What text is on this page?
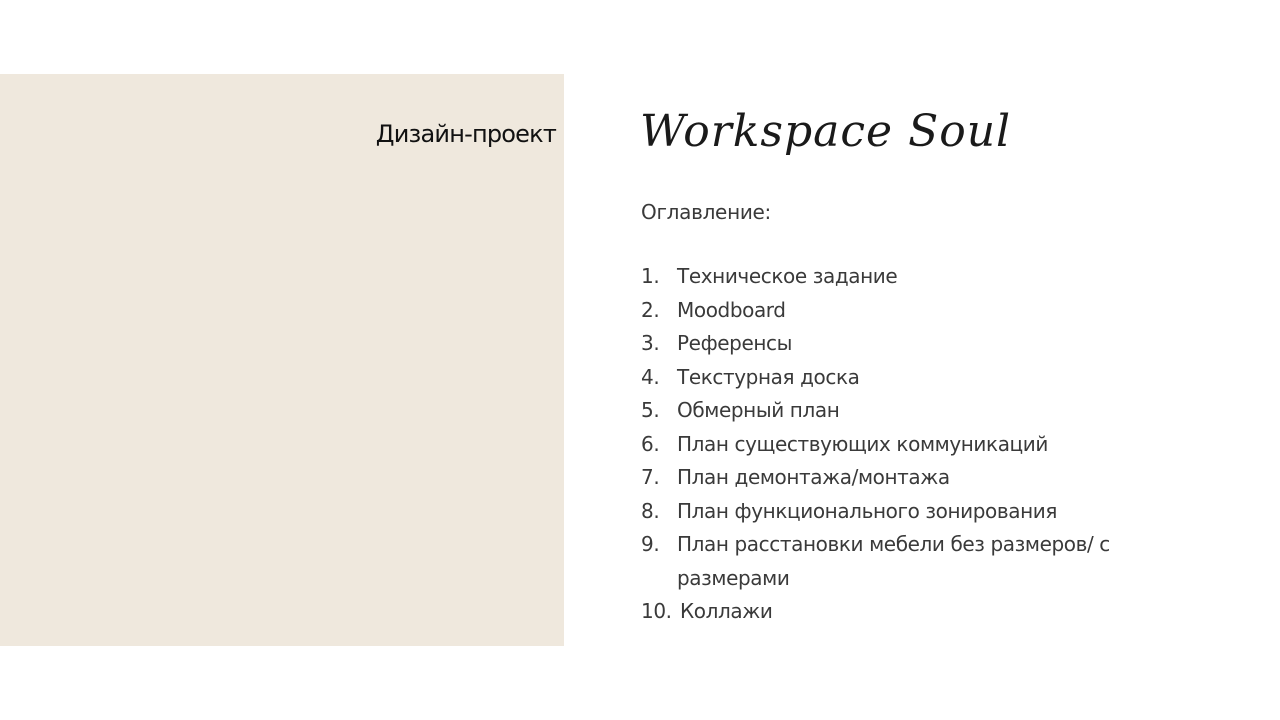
Дизайн-проект Workspace Soul
Оглавление:
1. Техническое задание
2. Moodboard
3. Референсы
4. Текстурная доска
5. Обмерный план
6. План существующих коммуникаций
7. План демонтажа/монтажа
8. План функционального зонирования
9. План расстановки мебели без размеров/ с размерами
10. Коллажи
